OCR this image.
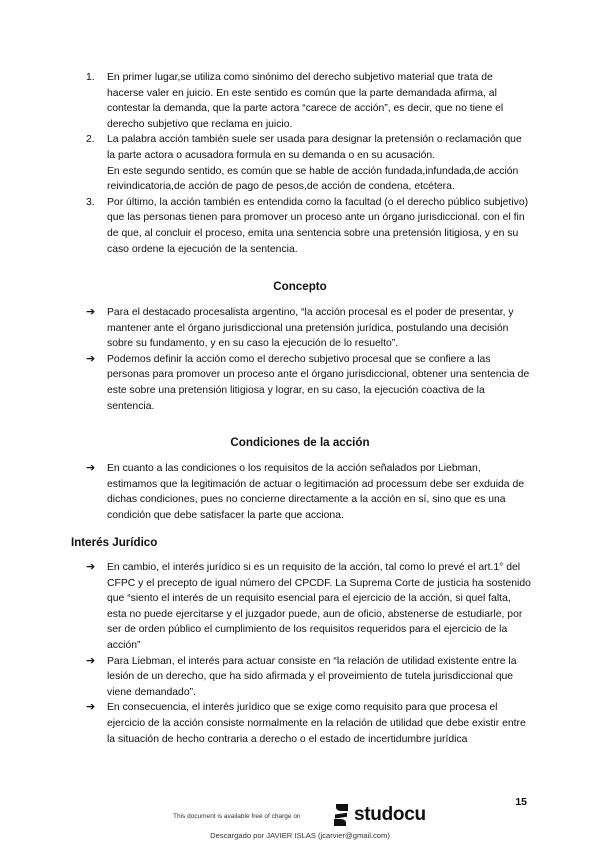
1. En primer lugar,se utiliza como sinónimo del derecho subjetivo material que trata de hacerse valer en juicio. En este sentido es común que la parte demandada afirma, al contestar la demanda, que la parte actora “carece de acción”, es decir, que no tiene el derecho subjetivo que reclama en juicio.
2. La palabra acción también suele ser usada para designar la pretensión o reclamación que la parte actora o acusadora formula en su demanda o en su acusación.                                  En este segundo sentido, es común que se hable de acción fundada,infundada,de acción reivindicatoria,de acción de pago de pesos,de acción de condena, etcétera.
3. Por último, la acción también es entendida como la facultad (o el derecho público subjetivo) que las personas tienen para promover un proceso ante un órgano jurisdiccional. con el fin de que, al concluir el proceso, emita una sentencia sobre una pretensión litigiosa, y en su caso ordene la ejecución de la sentencia.
Concepto
➔ Para el destacado procesalista argentino, “la acción procesal es el poder de presentar, y mantener ante el órgano jurisdiccional una pretensión jurídica, postulando una decisión sobre su fundamento, y en su caso la ejecución de lo resuelto”.
➔ Podemos definir la acción como el derecho subjetivo procesal que se confiere a las personas para promover un proceso ante el órgano jurisdiccional, obtener una sentencia de este sobre una pretensión litigiosa y lograr, en su caso, la ejecución coactiva de la sentencia.
Condiciones de la acción
➔ En cuanto a las condiciones o los requisitos de la acción señalados por Liebman, estimamos que la legitimación de actuar o legitimación ad processum debe ser exduida de dichas condiciones, pues no concierne directamente a la acción en sí, sino que es una condición que debe satisfacer la parte que acciona.
Interés Jurídico
➔ En cambio, el interés jurídico si es un requisito de la acción, tal como lo prevé el art.1° del CFPC y el precepto de igual número del CPCDF. La Suprema Corte de justicia ha sostenido que “siento el interés de un requisito esencial para el ejercicio de la acción, si quel falta, esta no puede ejercitarse y el juzgador puede, aun de oficio, abstenerse de estudiarle, por ser de orden público el cumplimiento de los requisitos requeridos para el ejercicio de la acción”
➔ Para Liebman, el interés para actuar consiste en “la relación de utilidad existente entre la lesión de un derecho, que ha sido afirmada y el proveimiento de tutela jurisdiccional que viene demandado”.
➔ En consecuencia, el interés jurídico que se exige como requisito para que procesa el ejercicio de la acción consiste normalmente en la relación de utilidad que debe existir entre la situación de hecho contraria a derecho o el estado de incertidumbre jurídica
15
This document is available free of charge on	studocu
Descargado por JAVIER ISLAS (jcarvier@gmail.com)
